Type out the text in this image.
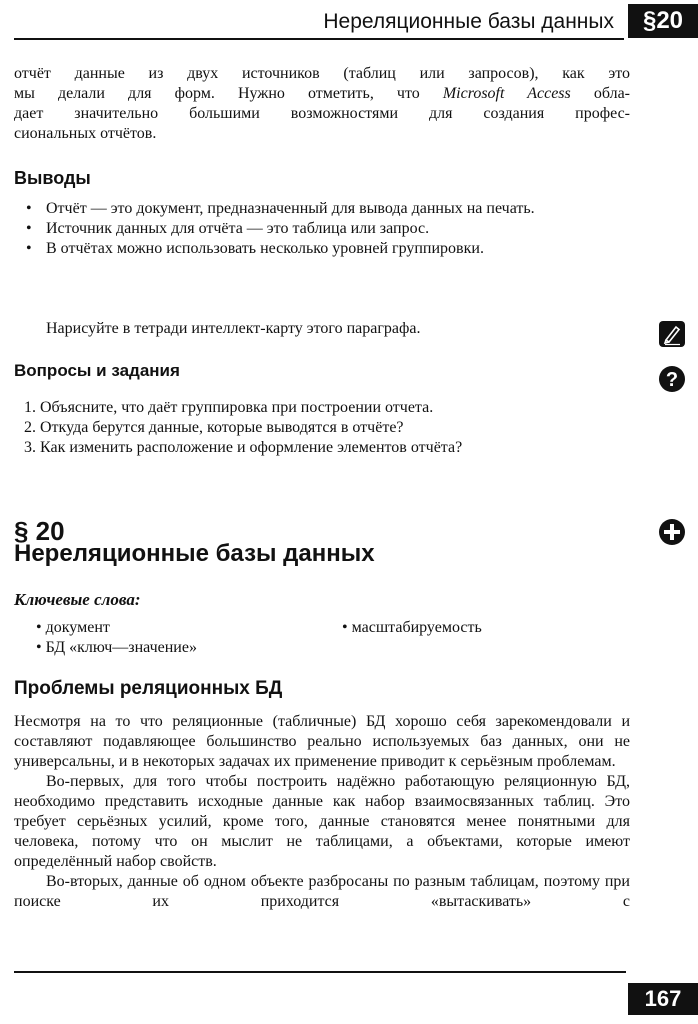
Нереляционные базы данных	§20

отчёт данные из двух источников (таблиц или запросов), как это

мы делали для форм. Нужно отметить, что Microsoft Access обла-

дает значительно большими возможностями для создания профес-

сиональных отчётов.

Выводы
• Отчёт — это документ, предназначенный для вывода данных на печать.
• Источник данных для отчёта — это таблица или запрос.
• В отчётах можно использовать несколько уровней группировки.
Нарисуйте в тетради интеллект-карту этого параграфа.
Вопросы и задания	?
1. Объясните, что даёт группировка при построении отчета.
2. Откуда берутся данные, которые выводятся в отчёте?
3. Как изменить расположение и оформление элементов отчёта?
§ 20
Нереляционные базы данных
Ключевые слова:
• документ
•	масштабируемость
• БД «ключ—значение»
Проблемы реляционных БД

Несмотря на то что реляционные (табличные) БД хорошо себя зарекомендовали и составляют подавляющее большинство реально используемых баз данных, они не универсальны, и в некоторых задачах их применение приводит к серьёзным проблемам.

Во-первых, для того чтобы построить надёжно работающую реляционную БД, необходимо представить исходные данные как набор взаимосвязанных таблиц. Это требует серьёзных усилий, кроме того, данные становятся менее понятными для человека, потому что он мыслит не таблицами, а объектами, которые имеют определённый набор свойств.

Во-вторых, данные об одном объекте разбросаны по разным таблицам, поэтому при поиске их приходится «вытаскивать» с

167
